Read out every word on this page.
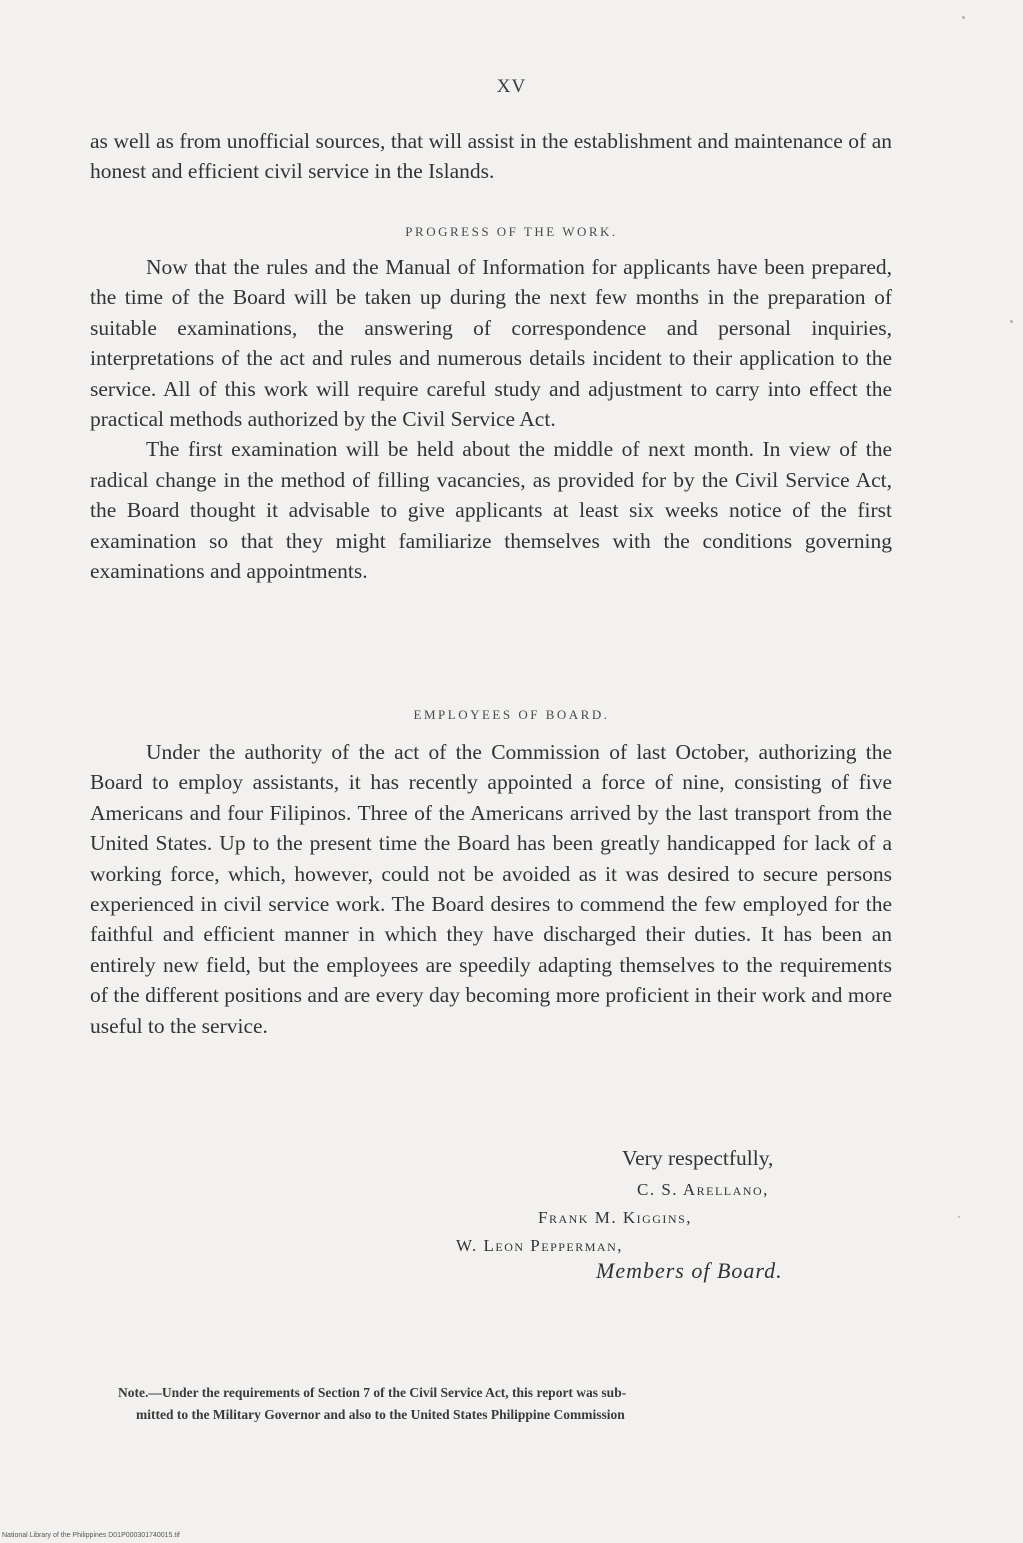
XV

as well as from unofficial sources, that will assist in the establishment and maintenance of an honest and efficient civil service in the Islands.

PROGRESS OF THE WORK.

Now that the rules and the Manual of Information for applicants have been prepared, the time of the Board will be taken up during the next few months in the preparation of suitable examinations, the answering of correspondence and personal inquiries, interpretations of the act and rules and numerous details incident to their application to the service. All of this work will require careful study and adjustment to carry into effect the practical methods authorized by the Civil Service Act.

The first examination will be held about the middle of next month. In view of the radical change in the method of filling vacancies, as provided for by the Civil Service Act, the Board thought it advisable to give applicants at least six weeks notice of the first examination so that they might familiarize themselves with the conditions governing examinations and appointments.

EMPLOYEES OF BOARD.

Under the authority of the act of the Commission of last October, authorizing the Board to employ assistants, it has recently appointed a force of nine, consisting of five Americans and four Filipinos. Three of the Americans arrived by the last transport from the United States. Up to the present time the Board has been greatly handicapped for lack of a working force, which, however, could not be avoided as it was desired to secure persons experienced in civil service work. The Board desires to commend the few employed for the faithful and efficient manner in which they have discharged their duties. It has been an entirely new field, but the employees are speedily adapting themselves to the requirements of the different positions and are every day becoming more proficient in their work and more useful to the service.

Very respectfully,
C. S. Arellano,
Frank M. Kiggins,
W. Leon Pepperman,
Members of Board.
Note.—Under the requirements of Section 7 of the Civil Service Act, this report was sub-
mitted to the Military Governor and also to the United States Philippine Commission
National Library of the Philippines D01P000301740015.tif
